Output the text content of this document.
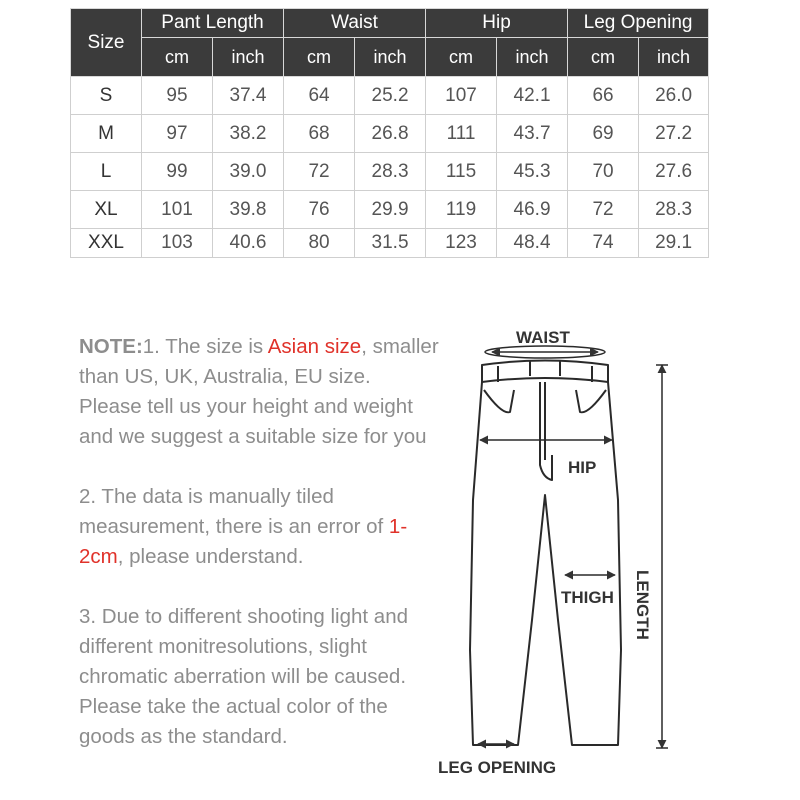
Size	Pant Length		Waist		Hip		Leg Opening	
	cm	inch	cm	inch	cm	inch	cm	inch
S	95	37.4	64	25.2	107	42.1	66	26.0
M	97	38.2	68	26.8	111	43.7	69	27.2
L	99	39.0	72	28.3	115	45.3	70	27.6
XL	101	39.8	76	29.9	119	46.9	72	28.3
XXL	103	40.6	80	31.5	123	48.4	74	29.1

NOTE:1. The size is Asian size, smaller than US, UK, Australia, EU size. Please tell us your height and weight and we suggest a suitable size for you

2. The data is manually tiled measurement, there is an error of 1-2cm, please understand.

3. Due to different shooting light and different monitresolutions, slight chromatic aberration will be caused. Please take the actual color of the goods as the standard.

WAIST
HIP
THIGH
LEG OPENING
LENGTH
